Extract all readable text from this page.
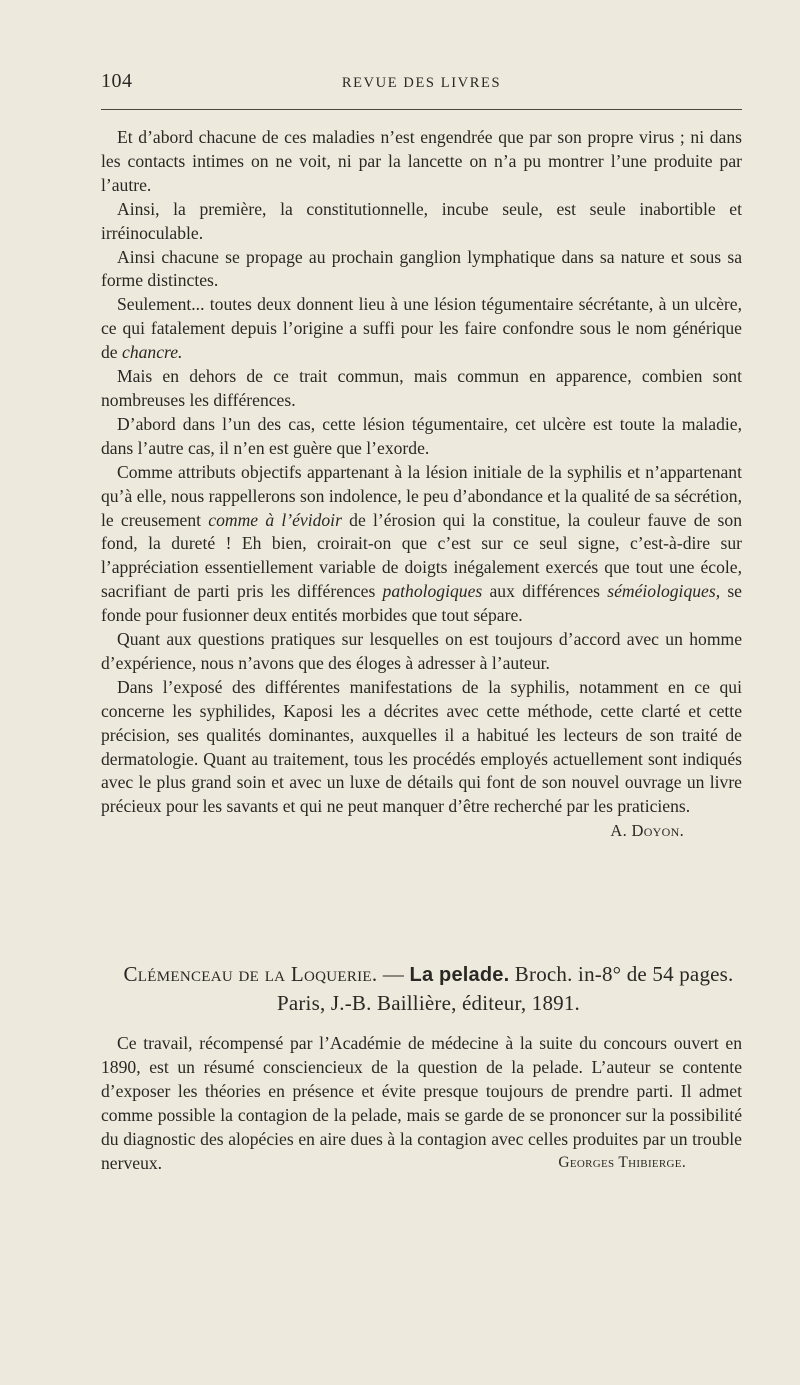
104	REVUE DES LIVRES

Et d’abord chacune de ces maladies n’est engendrée que par son propre virus ; ni dans les contacts intimes on ne voit, ni par la lancette on n’a pu montrer l’une produite par l’autre.

Ainsi, la première, la constitutionnelle, incube seule, est seule inabortible et irréinoculable.

Ainsi chacune se propage au prochain ganglion lymphatique dans sa nature et sous sa forme distinctes.

Seulement... toutes deux donnent lieu à une lésion tégumentaire sécrétante, à un ulcère, ce qui fatalement depuis l’origine a suffi pour les faire confondre sous le nom générique de chancre.

Mais en dehors de ce trait commun, mais commun en apparence, combien sont nombreuses les différences.

D’abord dans l’un des cas, cette lésion tégumentaire, cet ulcère est toute la maladie, dans l’autre cas, il n’en est guère que l’exorde.

Comme attributs objectifs appartenant à la lésion initiale de la syphilis et n’appartenant qu’à elle, nous rappellerons son indolence, le peu d’abondance et la qualité de sa sécrétion, le creusement comme à l’évidoir de l’érosion qui la constitue, la couleur fauve de son fond, la dureté ! Eh bien, croirait-on que c’est sur ce seul signe, c’est-à-dire sur l’appréciation essentiellement variable de doigts inégalement exercés que tout une école, sacrifiant de parti pris les différences pathologiques aux différences séméiologiques, se fonde pour fusionner deux entités morbides que tout sépare.

Quant aux questions pratiques sur lesquelles on est toujours d’accord avec un homme d’expérience, nous n’avons que des éloges à adresser à l’auteur.

Dans l’exposé des différentes manifestations de la syphilis, notamment en ce qui concerne les syphilides, Kaposi les a décrites avec cette méthode, cette clarté et cette précision, ses qualités dominantes, auxquelles il a habitué les lecteurs de son traité de dermatologie. Quant au traitement, tous les procédés employés actuellement sont indiqués avec le plus grand soin et avec un luxe de détails qui font de son nouvel ouvrage un livre précieux pour les savants et qui ne peut manquer d’être recherché par les praticiens.

A. Doyon.
Clémenceau de la Loquerie. — La pelade. Broch. in-8° de 54 pages.
Paris, J.-B. Baillière, éditeur, 1891.

Ce travail, récompensé par l’Académie de médecine à la suite du concours ouvert en 1890, est un résumé consciencieux de la question de la pelade. L’auteur se contente d’exposer les théories en présence et évite presque toujours de prendre parti. Il admet comme possible la contagion de la pelade, mais se garde de se prononcer sur la possibilité du diagnostic des alopécies en aire dues à la contagion avec celles produites par un trouble nerveux.	Georges Thibierge.
